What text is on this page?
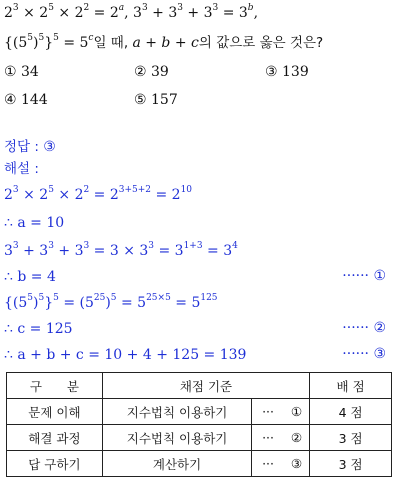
$2^3 \times 2^5 \times 2^2 = 2^a$, $3^3 + 3^3 + 3^3 = 3^b$,
$\{(5^5)^5\}^5 = 5^c$일 때, a + b + c의 값으로 옳은 것은?
① 34	② 39	③ 139
④ 144	⑤ 157
정답 : ③
해설 :
$2^3 \times 2^5 \times 2^2 = 2^{3+5+2} = 2^{10}$
∴ a = 10
$3^3 + 3^3 + 3^3 = 3 \times 3^3 = 3^{1+3} = 3^4$
∴ b = 4	······ ①
$\{(5^5)^5\}^5 = (5^{25})^5 = 5^{25\times 5} = 5^{125}$
∴ c = 125	······ ②
∴ a + b + c = 10 + 4 + 125 = 139	······ ③
구　　분	채점 기준			배 점
문제 이해	지수법칙 이용하기	···	①	4 점
해결 과정	지수법칙 이용하기	···	②	3 점
답 구하기	계산하기	···	③	3 점
